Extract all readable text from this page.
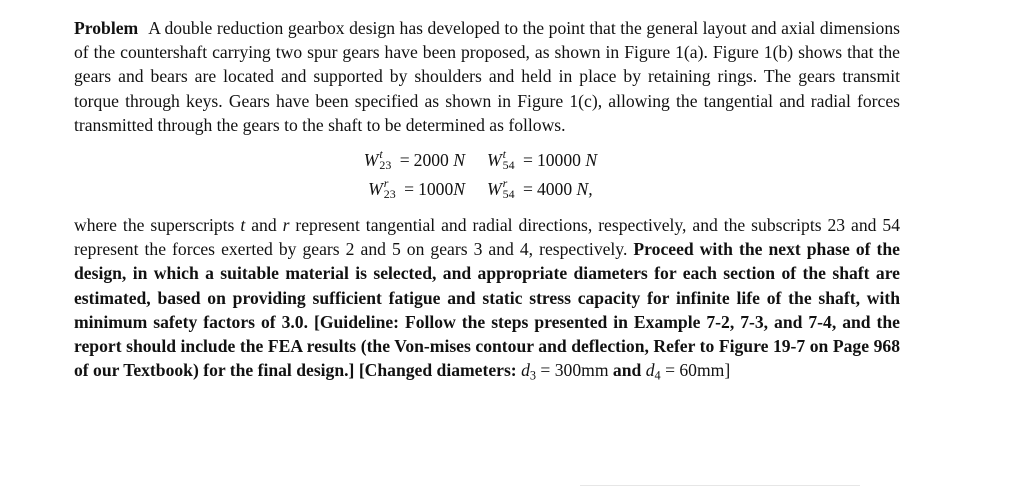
Problem A double reduction gearbox design has developed to the point that the general layout and axial dimensions of the countershaft carrying two spur gears have been proposed, as shown in Figure 1(a). Figure 1(b) shows that the gears and bears are located and supported by shoulders and held in place by retaining rings. The gears transmit torque through keys. Gears have been specified as shown in Figure 1(c), allowing the tangential and radial forces transmitted through the gears to the shaft to be determined as follows.

W t
23 = 2000 N	W t
54 = 10000 N
W r
23 = 1000N	W r
54 = 4000 N,

where the superscripts t and r represent tangential and radial directions, respectively, and the subscripts 23 and 54 represent the forces exerted by gears 2 and 5 on gears 3 and 4, respectively. Proceed with the next phase of the design, in which a suitable material is selected, and appropriate diameters for each section of the shaft are estimated, based on providing sufficient fatigue and static stress capacity for infinite life of the shaft, with minimum safety factors of 3.0. [Guideline: Follow the steps presented in Example 7-2, 7-3, and 7-4, and the report should include the FEA results (the Von-mises contour and deflection, Refer to Figure 19-7 on Page 968 of our Textbook) for the final design.] [Changed diameters: $d_3 = 300mm$ and $d_4 = 60mm$]
